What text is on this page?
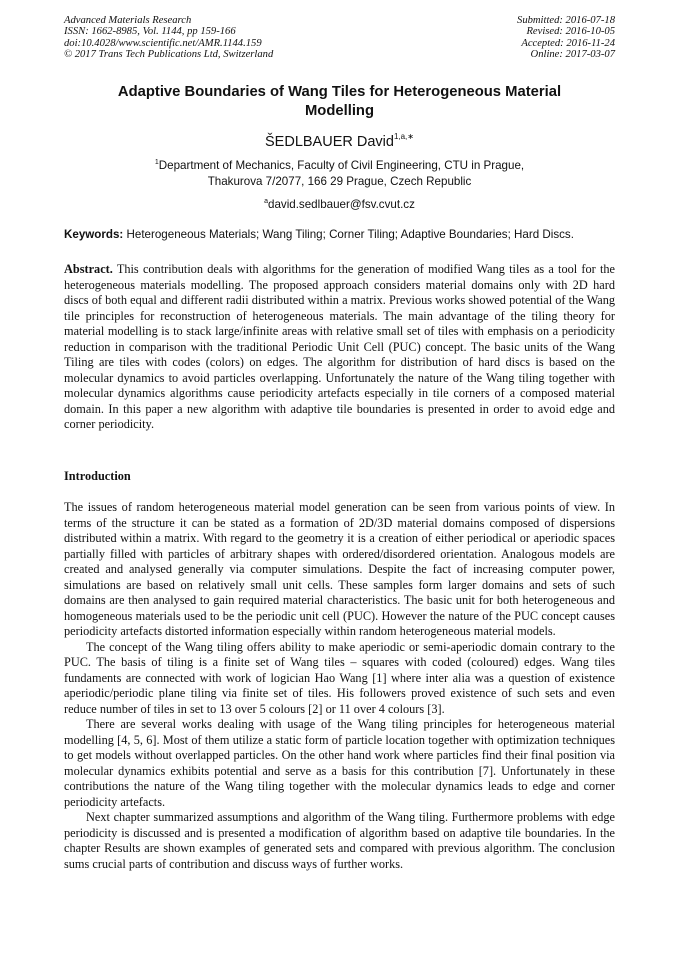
Advanced Materials Research
ISSN: 1662-8985, Vol. 1144, pp 159-166
doi:10.4028/www.scientific.net/AMR.1144.159
© 2017 Trans Tech Publications Ltd, Switzerland
Submitted: 2016-07-18
Revised: 2016-10-05
Accepted: 2016-11-24
Online: 2017-03-07
Adaptive Boundaries of Wang Tiles for Heterogeneous Material
Modelling
ŠEDLBAUER David$^{1,a,∗}$
$^1$Department of Mechanics, Faculty of Civil Engineering, CTU in Prague,
Thakurova 7/2077, 166 29 Prague, Czech Republic
$^a$david.sedlbauer@fsv.cvut.cz
Keywords: Heterogeneous Materials; Wang Tiling; Corner Tiling; Adaptive Boundaries; Hard Discs.

Abstract. This contribution deals with algorithms for the generation of modified Wang tiles as a tool for the heterogeneous materials modelling. The proposed approach considers material domains only with 2D hard discs of both equal and different radii distributed within a matrix. Previous works showed potential of the Wang tile principles for reconstruction of heterogeneous materials. The main advantage of the tiling theory for material modelling is to stack large/infinite areas with relative small set of tiles with emphasis on a periodicity reduction in comparison with the traditional Periodic Unit Cell (PUC) concept. The basic units of the Wang Tiling are tiles with codes (colors) on edges. The algorithm for distribution of hard discs is based on the molecular dynamics to avoid particles overlapping. Unfortunately the nature of the Wang tiling together with molecular dynamics algorithms cause periodicity artefacts especially in tile corners of a composed material domain. In this paper a new algorithm with adaptive tile boundaries is presented in order to avoid edge and corner periodicity.

Introduction

The issues of random heterogeneous material model generation can be seen from various points of view. In terms of the structure it can be stated as a formation of 2D/3D material domains composed of dispersions distributed within a matrix. With regard to the geometry it is a creation of either periodical or aperiodic spaces partially filled with particles of arbitrary shapes with ordered/disordered orientation. Analogous models are created and analysed generally via computer simulations. Despite the fact of increasing computer power, simulations are based on relatively small unit cells. These samples form larger domains and sets of such domains are then analysed to gain required material characteristics. The basic unit for both heterogeneous and homogeneous materials used to be the periodic unit cell (PUC). However the nature of the PUC concept causes periodicity artefacts distorted information especially within random heterogeneous material models.

The concept of the Wang tiling offers ability to make aperiodic or semi-aperiodic domain contrary to the PUC. The basis of tiling is a finite set of Wang tiles – squares with coded (coloured) edges. Wang tiles fundaments are connected with work of logician Hao Wang [1] where inter alia was a question of existence aperiodic/periodic plane tiling via finite set of tiles. His followers proved existence of such sets and even reduce number of tiles in set to 13 over 5 colours [2] or 11 over 4 colours [3].

There are several works dealing with usage of the Wang tiling principles for heterogeneous material modelling [4, 5, 6]. Most of them utilize a static form of particle location together with optimization techniques to get models without overlapped particles. On the other hand work where particles find their final position via molecular dynamics exhibits potential and serve as a basis for this contribution [7]. Unfortunately in these contributions the nature of the Wang tiling together with the molecular dynamics leads to edge and corner periodicity artefacts.

Next chapter summarized assumptions and algorithm of the Wang tiling. Furthermore problems with edge periodicity is discussed and is presented a modification of algorithm based on adaptive tile boundaries. In the chapter Results are shown examples of generated sets and compared with previous algorithm. The conclusion sums crucial parts of contribution and discuss ways of further works.
